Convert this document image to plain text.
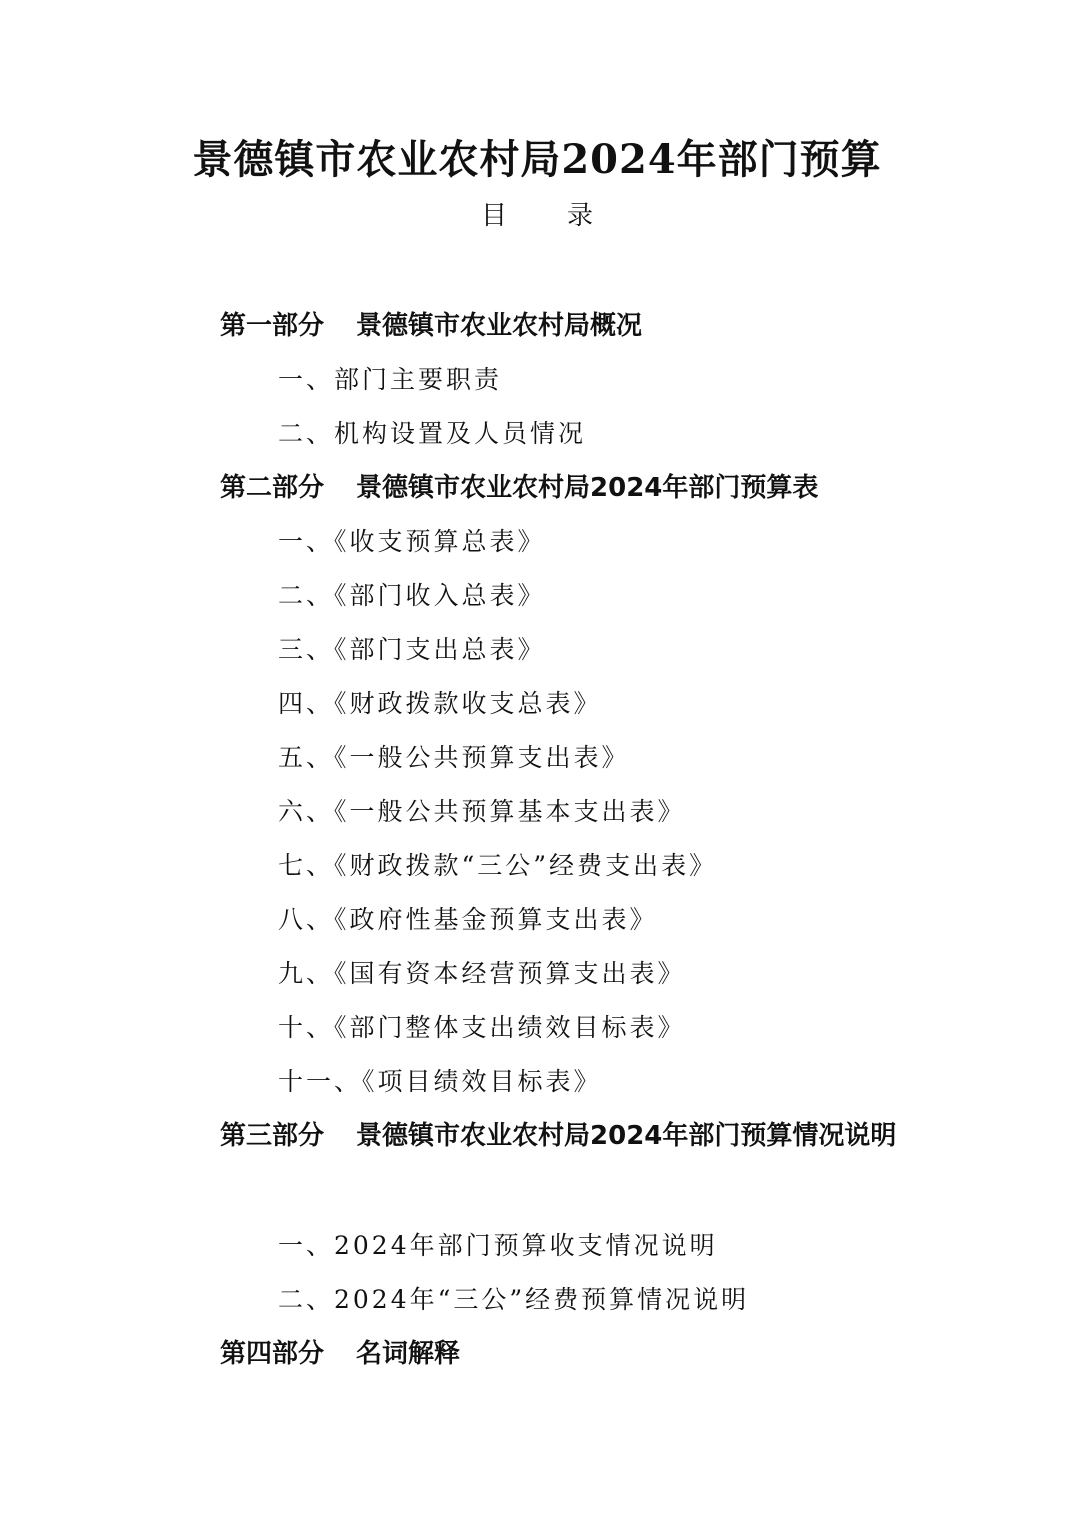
景德镇市农业农村局2024年部门预算
目录
第一部分 景德镇市农业农村局概况
一、部门主要职责
二、机构设置及人员情况
第二部分 景德镇市农业农村局2024年部门预算表
一、《收支预算总表》
二、《部门收入总表》
三、《部门支出总表》
四、《财政拨款收支总表》
五、《一般公共预算支出表》
六、《一般公共预算基本支出表》
七、《财政拨款“三公”经费支出表》
八、《政府性基金预算支出表》
九、《国有资本经营预算支出表》
十、《部门整体支出绩效目标表》
十一、《项目绩效目标表》
第三部分 景德镇市农业农村局2024年部门预算情况说明
一、2024年部门预算收支情况说明
二、2024年“三公”经费预算情况说明
第四部分 名词解释
